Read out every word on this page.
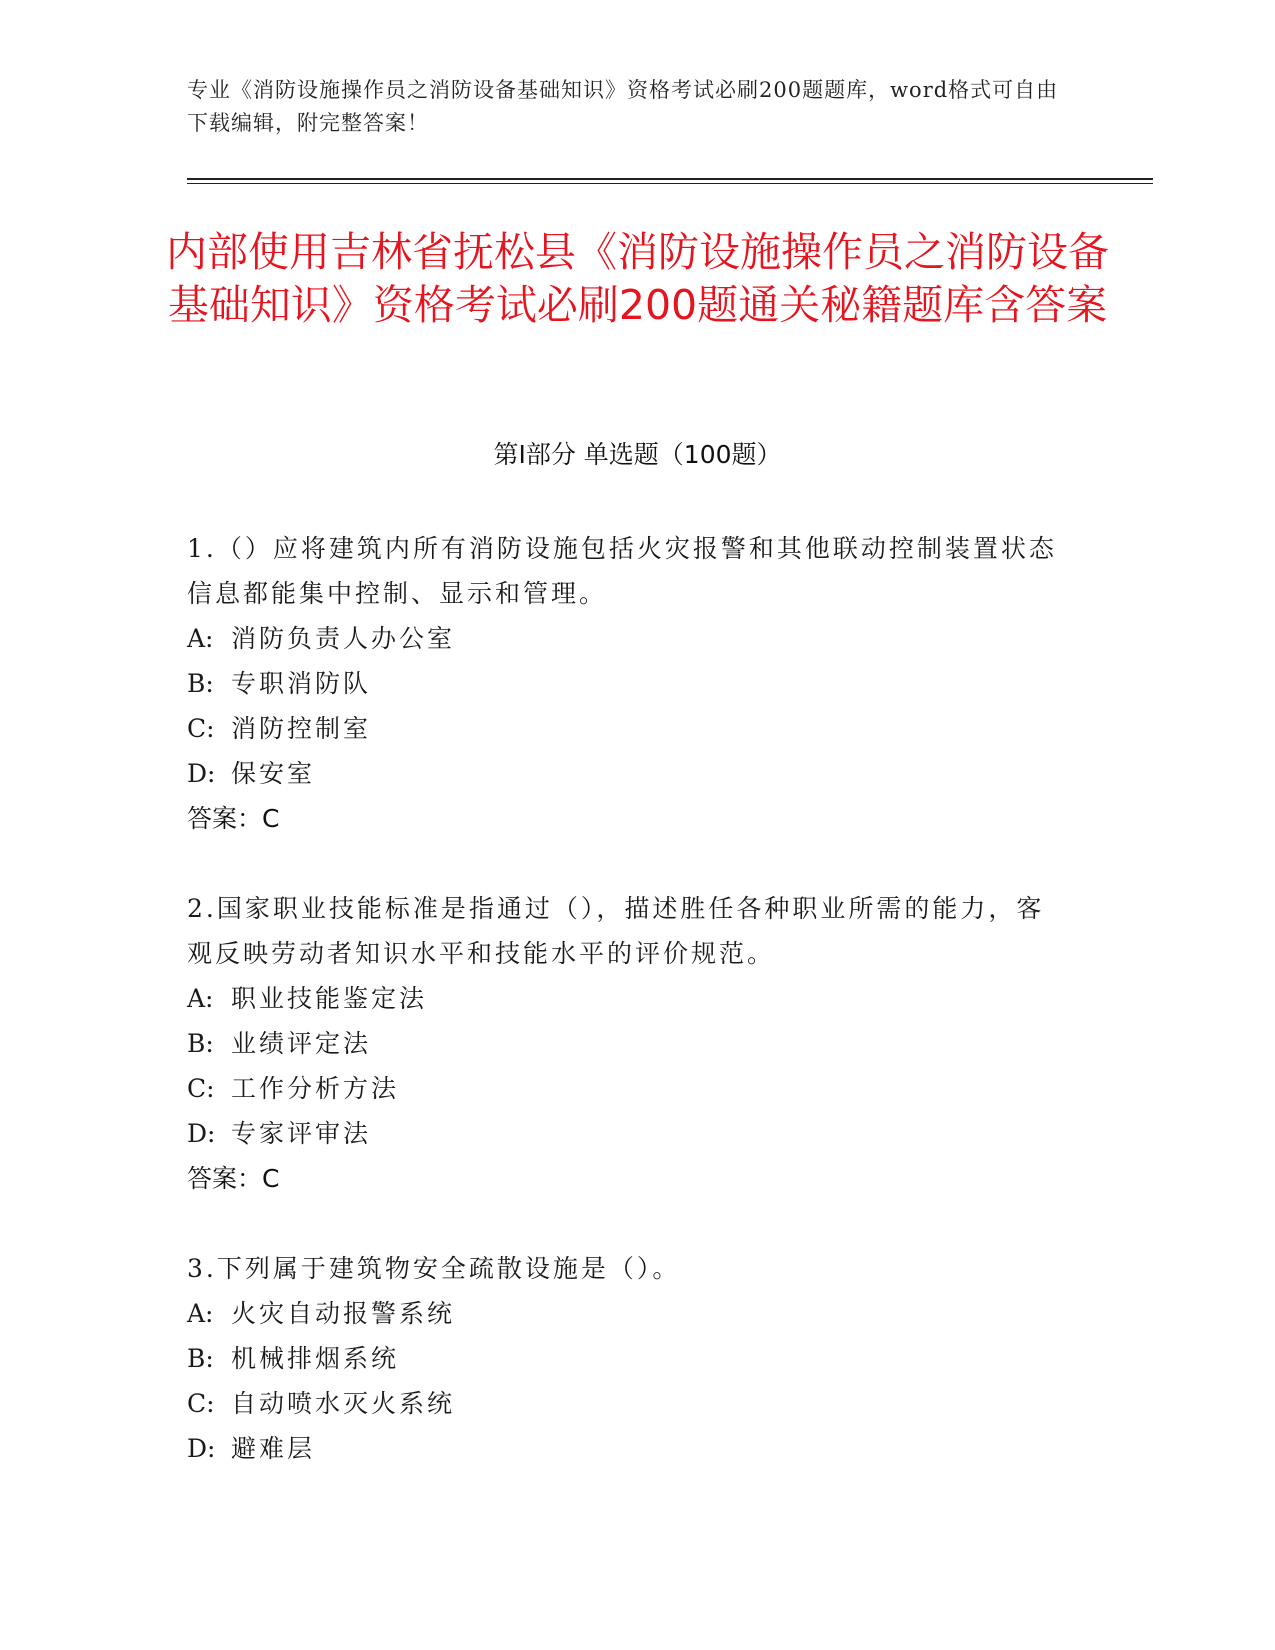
专业《消防设施操作员之消防设备基础知识》资格考试必刷200题题库，word格式可自由下载编辑，附完整答案！
内部使用吉林省抚松县《消防设施操作员之消防设备基础知识》资格考试必刷200题通关秘籍题库含答案
第I部分 单选题（100题）
1.（）应将建筑内所有消防设施包括火灾报警和其他联动控制装置状态信息都能集中控制、显示和管理。
A: 消防负责人办公室
B: 专职消防队
C: 消防控制室
D: 保安室
答案：C
2.国家职业技能标准是指通过（），描述胜任各种职业所需的能力，客观反映劳动者知识水平和技能水平的评价规范。
A: 职业技能鉴定法
B: 业绩评定法
C: 工作分析方法
D: 专家评审法
答案：C
3.下列属于建筑物安全疏散设施是（）。
A: 火灾自动报警系统
B: 机械排烟系统
C: 自动喷水灭火系统
D: 避难层
